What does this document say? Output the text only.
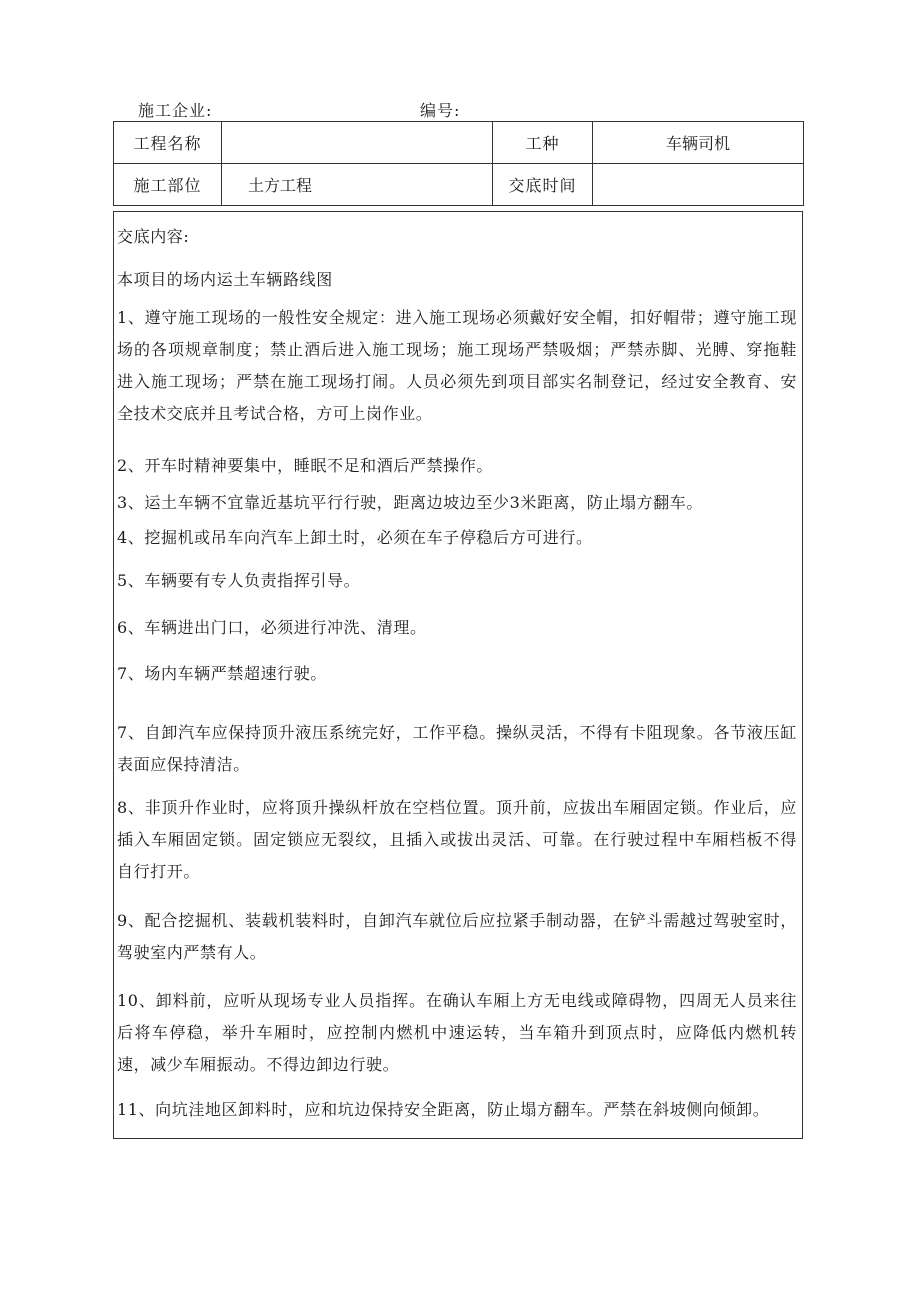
施工企业:	编号:
工程名称		工种	车辆司机
施工部位	土方工程	交底时间	
交底内容:
本项目的场内运土车辆路线图
1、遵守施工现场的一般性安全规定：进入施工现场必须戴好安全帽，扣好帽带；遵守施工现场的各项规章制度；禁止酒后进入施工现场；施工现场严禁吸烟；严禁赤脚、光膊、穿拖鞋进入施工现场；严禁在施工现场打闹。人员必须先到项目部实名制登记，经过安全教育、安全技术交底并且考试合格，方可上岗作业。
2、开车时精神要集中，睡眠不足和酒后严禁操作。
3、运土车辆不宜靠近基坑平行行驶，距离边坡边至少3米距离，防止塌方翻车。
4、挖掘机或吊车向汽车上卸土时，必须在车子停稳后方可进行。
5、车辆要有专人负责指挥引导。
6、车辆进出门口，必须进行冲洗、清理。
7、场内车辆严禁超速行驶。
7、自卸汽车应保持顶升液压系统完好，工作平稳。操纵灵活，不得有卡阻现象。各节液压缸表面应保持清洁。
8、非顶升作业时，应将顶升操纵杆放在空档位置。顶升前，应拔出车厢固定锁。作业后，应插入车厢固定锁。固定锁应无裂纹，且插入或拔出灵活、可靠。在行驶过程中车厢档板不得自行打开。
9、配合挖掘机、装载机装料时，自卸汽车就位后应拉紧手制动器，在铲斗需越过驾驶室时，驾驶室内严禁有人。
10、卸料前，应听从现场专业人员指挥。在确认车厢上方无电线或障碍物，四周无人员来往后将车停稳，举升车厢时，应控制内燃机中速运转，当车箱升到顶点时，应降低内燃机转速，减少车厢振动。不得边卸边行驶。
11、向坑洼地区卸料时，应和坑边保持安全距离，防止塌方翻车。严禁在斜坡侧向倾卸。
